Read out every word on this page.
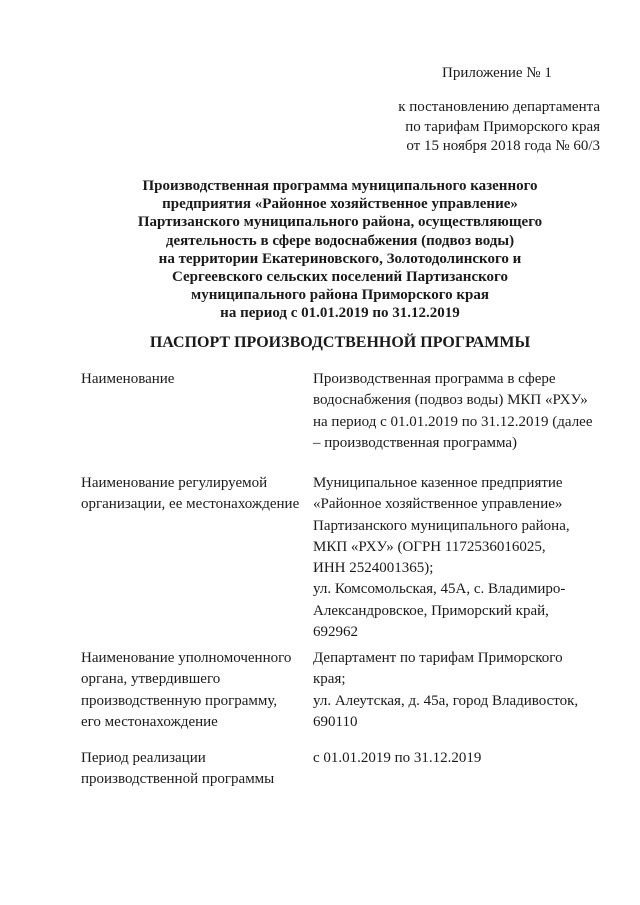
Приложение № 1
к постановлению департамента
по тарифам Приморского края
от 15 ноября 2018 года № 60/3
Производственная программа муниципального казенного
предприятия «Районное хозяйственное управление»
Партизанского муниципального района, осуществляющего
деятельность в сфере водоснабжения (подвоз воды)
на территории Екатериновского, Золотодолинского и
Сергеевского сельских поселений Партизанского
муниципального района Приморского края
на период с 01.01.2019 по 31.12.2019
ПАСПОРТ ПРОИЗВОДСТВЕННОЙ ПРОГРАММЫ
Наименование	Производственная программа в сфере
водоснабжения (подвоз воды) МКП «РХУ»
на период с 01.01.2019 по 31.12.2019 (далее
– производственная программа)
Наименование регулируемой
организации, ее местонахождение
Муниципальное казенное предприятие
«Районное хозяйственное управление»
Партизанского муниципального района,
МКП «РХУ» (ОГРН 1172536016025,
ИНН 2524001365);
ул. Комсомольская, 45А, с. Владимиро-
Александровское, Приморский край,
692962
Наименование уполномоченного
органа, утвердившего
производственную программу,
его местонахождение
Департамент по тарифам Приморского
края;
ул. Алеутская, д. 45а, город Владивосток,
690110
Период реализации
производственной программы
с 01.01.2019 по 31.12.2019
